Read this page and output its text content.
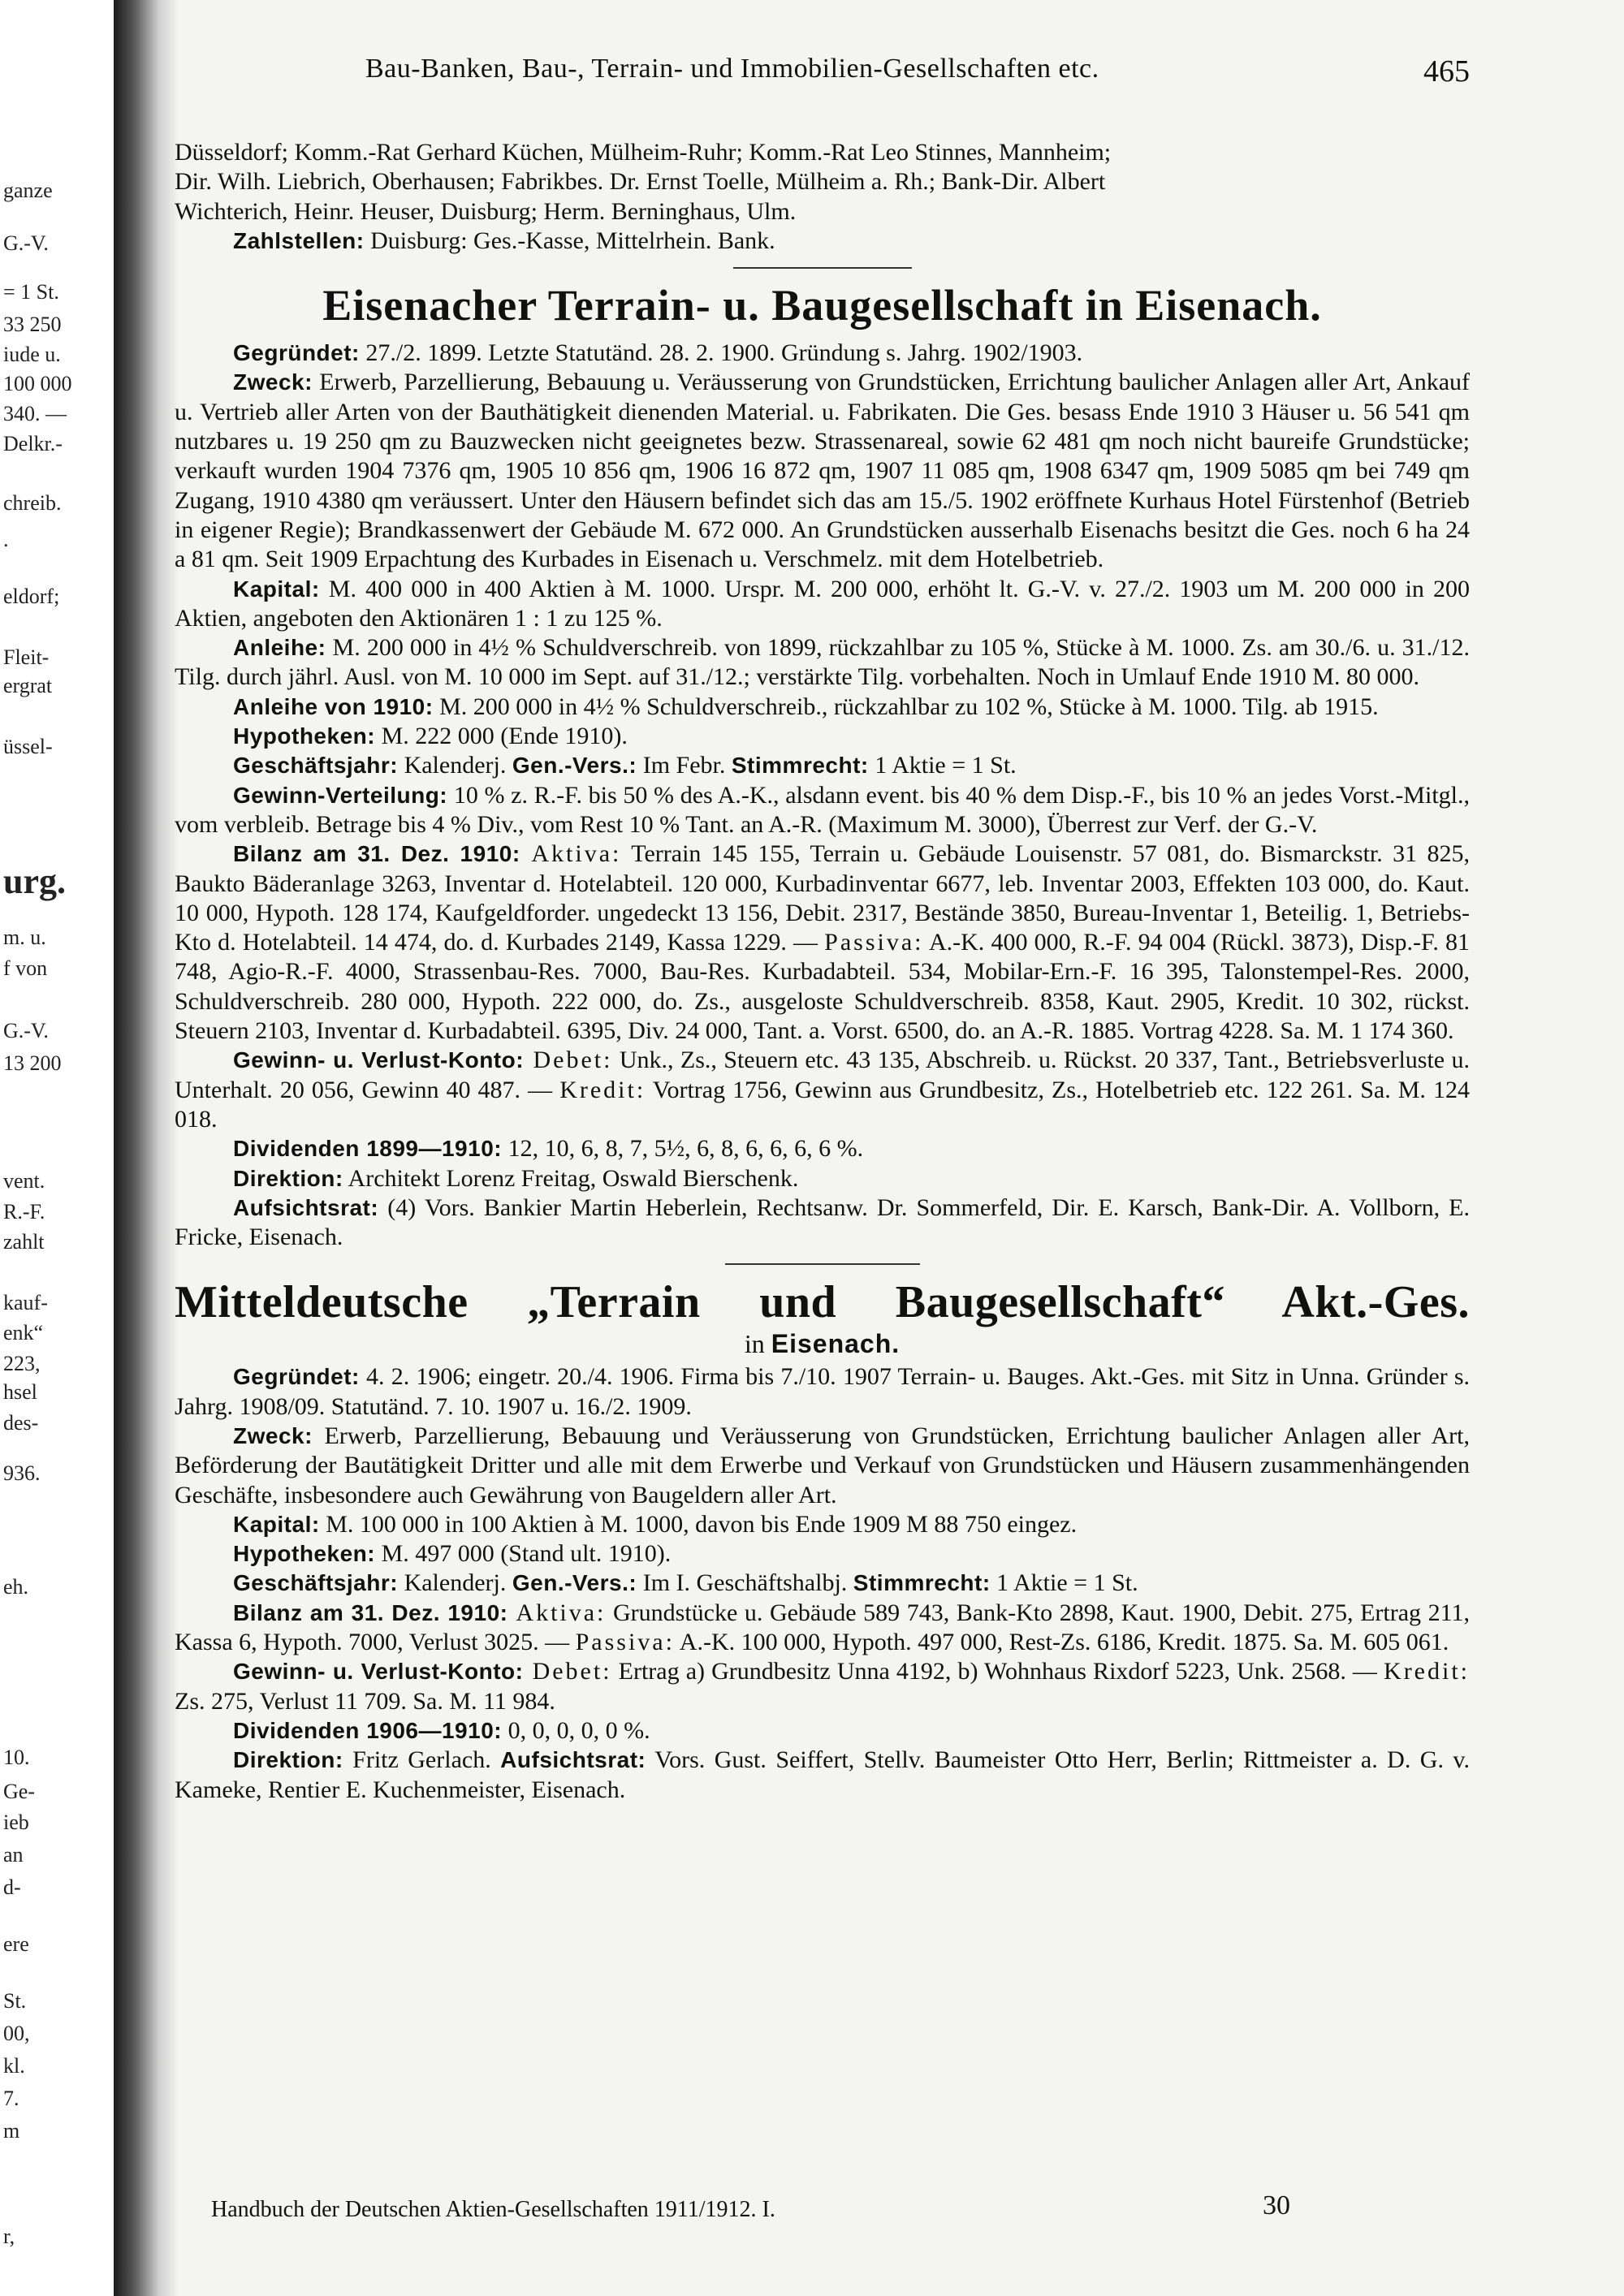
ganze
G.-V.
= 1 St.
33 250
iude u.
100 000
340. —
Delkr.-
chreib.
.
eldorf;
Fleit-
ergrat
üssel-
urg.
m. u.
f von
G.-V.
13 200
vent.
R.-F.
zahlt
kauf-
enk“
223,
hsel
des-
936.
eh.
10.
Ge-
ieb
an
d-
ere
St.
00,
kl.
7.
m
r,
Bau-Banken, Bau-, Terrain- und Immobilien-Gesellschaften etc.	465

Düsseldorf; Komm.-Rat Gerhard Küchen, Mülheim-Ruhr; Komm.-Rat Leo Stinnes, Mannheim;

Dir. Wilh. Liebrich, Oberhausen; Fabrikbes. Dr. Ernst Toelle, Mülheim a. Rh.; Bank-Dir. Albert

Wichterich, Heinr. Heuser, Duisburg; Herm. Berninghaus, Ulm.

Zahlstellen: Duisburg: Ges.-Kasse, Mittelrhein. Bank.

Eisenacher Terrain- u. Baugesellschaft in Eisenach.

Gegründet: 27./2. 1899. Letzte Statutänd. 28. 2. 1900. Gründung s. Jahrg. 1902/1903.

Zweck: Erwerb, Parzellierung, Bebauung u. Veräusserung von Grundstücken, Errichtung baulicher Anlagen aller Art, Ankauf u. Vertrieb aller Arten von der Bauthätigkeit dienenden Material. u. Fabrikaten. Die Ges. besass Ende 1910 3 Häuser u. 56 541 qm nutzbares u. 19 250 qm zu Bauzwecken nicht geeignetes bezw. Strassenareal, sowie 62 481 qm noch nicht baureife Grundstücke; verkauft wurden 1904 7376 qm, 1905 10 856 qm, 1906 16 872 qm, 1907 11 085 qm, 1908 6347 qm, 1909 5085 qm bei 749 qm Zugang, 1910 4380 qm veräussert. Unter den Häusern befindet sich das am 15./5. 1902 eröffnete Kurhaus Hotel Fürstenhof (Betrieb in eigener Regie); Brandkassenwert der Gebäude M. 672 000. An Grundstücken ausserhalb Eisenachs besitzt die Ges. noch 6 ha 24 a 81 qm. Seit 1909 Erpachtung des Kurbades in Eisenach u. Verschmelz. mit dem Hotelbetrieb.

Kapital: M. 400 000 in 400 Aktien à M. 1000. Urspr. M. 200 000, erhöht lt. G.-V. v. 27./2. 1903 um M. 200 000 in 200 Aktien, angeboten den Aktionären 1 : 1 zu 125 %.

Anleihe: M. 200 000 in 4½ % Schuldverschreib. von 1899, rückzahlbar zu 105 %, Stücke à M. 1000. Zs. am 30./6. u. 31./12. Tilg. durch jährl. Ausl. von M. 10 000 im Sept. auf 31./12.; verstärkte Tilg. vorbehalten. Noch in Umlauf Ende 1910 M. 80 000.

Anleihe von 1910: M. 200 000 in 4½ % Schuldverschreib., rückzahlbar zu 102 %, Stücke à M. 1000. Tilg. ab 1915.

Hypotheken: M. 222 000 (Ende 1910).

Geschäftsjahr: Kalenderj. Gen.-Vers.: Im Febr. Stimmrecht: 1 Aktie = 1 St.

Gewinn-Verteilung: 10 % z. R.-F. bis 50 % des A.-K., alsdann event. bis 40 % dem Disp.-F., bis 10 % an jedes Vorst.-Mitgl., vom verbleib. Betrage bis 4 % Div., vom Rest 10 % Tant. an A.-R. (Maximum M. 3000), Überrest zur Verf. der G.-V.

Bilanz am 31. Dez. 1910: Aktiva: Terrain 145 155, Terrain u. Gebäude Louisenstr. 57 081, do. Bismarckstr. 31 825, Baukto Bäderanlage 3263, Inventar d. Hotelabteil. 120 000, Kurbadinventar 6677, leb. Inventar 2003, Effekten 103 000, do. Kaut. 10 000, Hypoth. 128 174, Kaufgeldforder. ungedeckt 13 156, Debit. 2317, Bestände 3850, Bureau-Inventar 1, Beteilig. 1, Betriebs-Kto d. Hotelabteil. 14 474, do. d. Kurbades 2149, Kassa 1229. — Passiva: A.-K. 400 000, R.-F. 94 004 (Rückl. 3873), Disp.-F. 81 748, Agio-R.-F. 4000, Strassenbau-Res. 7000, Bau-Res. Kurbadabteil. 534, Mobilar-Ern.-F. 16 395, Talonstempel-Res. 2000, Schuldverschreib. 280 000, Hypoth. 222 000, do. Zs., ausgeloste Schuldverschreib. 8358, Kaut. 2905, Kredit. 10 302, rückst. Steuern 2103, Inventar d. Kurbadabteil. 6395, Div. 24 000, Tant. a. Vorst. 6500, do. an A.-R. 1885. Vortrag 4228. Sa. M. 1 174 360.

Gewinn- u. Verlust-Konto: Debet: Unk., Zs., Steuern etc. 43 135, Abschreib. u. Rückst. 20 337, Tant., Betriebsverluste u. Unterhalt. 20 056, Gewinn 40 487. — Kredit: Vortrag 1756, Gewinn aus Grundbesitz, Zs., Hotelbetrieb etc. 122 261. Sa. M. 124 018.

Dividenden 1899—1910: 12, 10, 6, 8, 7, 5½, 6, 8, 6, 6, 6, 6 %.

Direktion: Architekt Lorenz Freitag, Oswald Bierschenk.

Aufsichtsrat: (4) Vors. Bankier Martin Heberlein, Rechtsanw. Dr. Sommerfeld, Dir. E. Karsch, Bank-Dir. A. Vollborn, E. Fricke, Eisenach.

Mitteldeutsche „Terrain und Baugesellschaft“ Akt.-Ges.
in Eisenach.

Gegründet: 4. 2. 1906; eingetr. 20./4. 1906. Firma bis 7./10. 1907 Terrain- u. Bauges. Akt.-Ges. mit Sitz in Unna. Gründer s. Jahrg. 1908/09. Statutänd. 7. 10. 1907 u. 16./2. 1909.

Zweck: Erwerb, Parzellierung, Bebauung und Veräusserung von Grundstücken, Errichtung baulicher Anlagen aller Art, Beförderung der Bautätigkeit Dritter und alle mit dem Erwerbe und Verkauf von Grundstücken und Häusern zusammenhängenden Geschäfte, insbesondere auch Gewährung von Baugeldern aller Art.

Kapital: M. 100 000 in 100 Aktien à M. 1000, davon bis Ende 1909 M 88 750 eingez.

Hypotheken: M. 497 000 (Stand ult. 1910).

Geschäftsjahr: Kalenderj. Gen.-Vers.: Im I. Geschäftshalbj. Stimmrecht: 1 Aktie = 1 St.

Bilanz am 31. Dez. 1910: Aktiva: Grundstücke u. Gebäude 589 743, Bank-Kto 2898, Kaut. 1900, Debit. 275, Ertrag 211, Kassa 6, Hypoth. 7000, Verlust 3025. — Passiva: A.-K. 100 000, Hypoth. 497 000, Rest-Zs. 6186, Kredit. 1875. Sa. M. 605 061.

Gewinn- u. Verlust-Konto: Debet: Ertrag a) Grundbesitz Unna 4192, b) Wohnhaus Rixdorf 5223, Unk. 2568. — Kredit: Zs. 275, Verlust 11 709. Sa. M. 11 984.

Dividenden 1906—1910: 0, 0, 0, 0, 0 %.

Direktion: Fritz Gerlach. Aufsichtsrat: Vors. Gust. Seiffert, Stellv. Baumeister Otto Herr, Berlin; Rittmeister a. D. G. v. Kameke, Rentier E. Kuchenmeister, Eisenach.

Handbuch der Deutschen Aktien-Gesellschaften 1911/1912. I.	30
